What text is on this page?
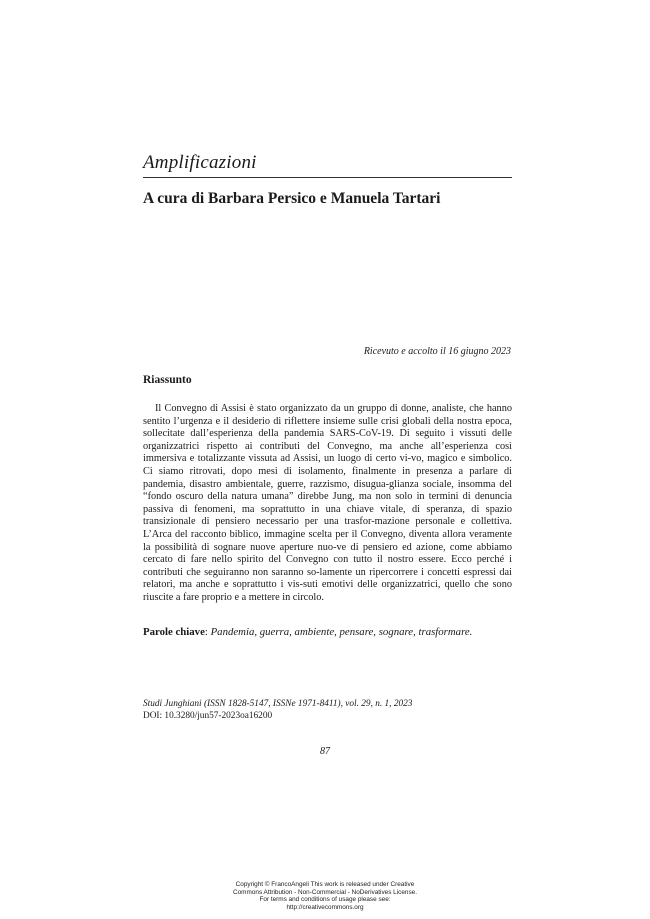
Amplificazioni
A cura di Barbara Persico e Manuela Tartari
Ricevuto e accolto il 16 giugno 2023
Riassunto

Il Convegno di Assisi è stato organizzato da un gruppo di donne, analiste, che hanno sentito l’urgenza e il desiderio di riflettere insieme sulle crisi globali della nostra epoca, sollecitate dall’esperienza della pandemia SARS-CoV-19. Di seguito i vissuti delle organizzatrici rispetto ai contributi del Convegno, ma anche all’esperienza così immersiva e totalizzante vissuta ad Assisi, un luogo di certo vi-vo, magico e simbolico. Ci siamo ritrovati, dopo mesi di isolamento, finalmente in presenza a parlare di pandemia, disastro ambientale, guerre, razzismo, disugua-glianza sociale, insomma del “fondo oscuro della natura umana” direbbe Jung, ma non solo in termini di denuncia passiva di fenomeni, ma soprattutto in una chiave vitale, di speranza, di spazio transizionale di pensiero necessario per una trasfor-mazione personale e collettiva. L’Arca del racconto biblico, immagine scelta per il Convegno, diventa allora veramente la possibilità di sognare nuove aperture nuo-ve di pensiero ed azione, come abbiamo cercato di fare nello spirito del Convegno con tutto il nostro essere. Ecco perché i contributi che seguiranno non saranno so-lamente un ripercorrere i concetti espressi dai relatori, ma anche e soprattutto i vis-suti emotivi delle organizzatrici, quello che sono riuscite a fare proprio e a mettere in circolo.

Parole chiave: Pandemia, guerra, ambiente, pensare, sognare, trasformare.

Studi Junghiani (ISSN 1828-5147, ISSNe 1971-8411), vol. 29, n. 1, 2023
DOI: 10.3280/jun57-2023oa16200
87
Copyright © FrancoAngeli This work is released under Creative
Commons Attribution - Non-Commercial - NoDerivatives License.
For terms and conditions of usage please see:
http://creativecommons.org
